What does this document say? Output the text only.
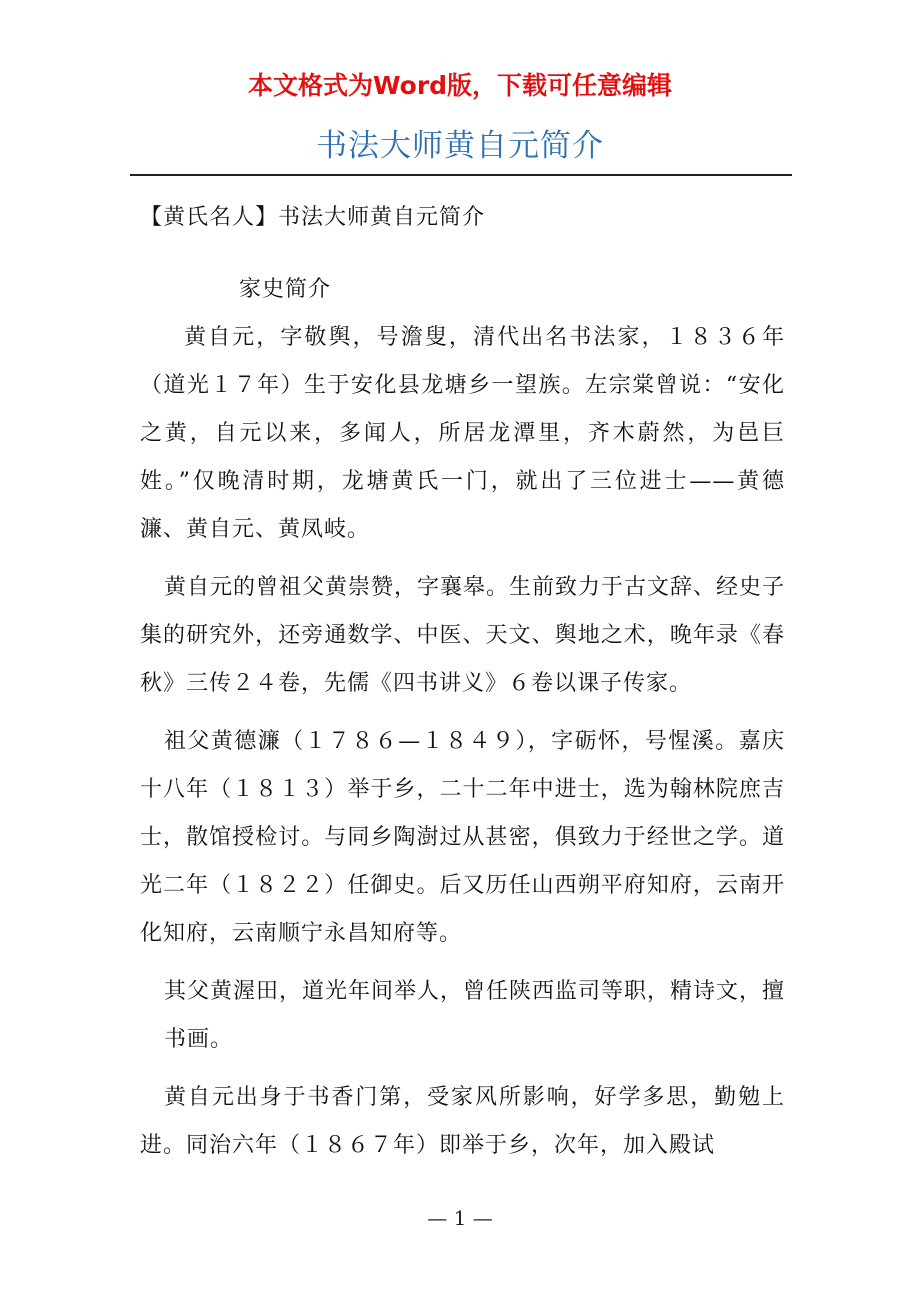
本文格式为Word版，下载可任意编辑
书法大师黄自元简介

【黄氏名人】书法大师黄自元简介

家史简介

黄自元，字敬舆，号澹叟，清代出名书法家，１８３６年（道光１７年）生于安化县龙塘乡一望族。左宗棠曾说：“安化之黄，自元以来，多闻人，所居龙潭里，齐木蔚然，为邑巨姓。”仅晚清时期，龙塘黄氏一门，就出了三位进士——黄德濂、黄自元、黄凤岐。

黄自元的曾祖父黄崇赞，字襄皋。生前致力于古文辞、经史子集的研究外，还旁通数学、中医、天文、舆地之术，晚年录《春秋》三传２４卷，先儒《四书讲义》６卷以课子传家。

祖父黄德濂（１７８６—１８４９），字砺怀，号惺溪。嘉庆十八年（１８１３）举于乡，二十二年中进士，选为翰林院庶吉士，散馆授检讨。与同乡陶澍过从甚密，俱致力于经世之学。道光二年（１８２２）任御史。后又历任山西朔平府知府，云南开化知府，云南顺宁永昌知府等。

其父黄渥田，道光年间举人，曾任陕西监司等职，精诗文，擅书画。

黄自元出身于书香门第，受家风所影响，好学多思，勤勉上进。同治六年（１８６７年）即举于乡，次年，加入殿试

— 1 —
